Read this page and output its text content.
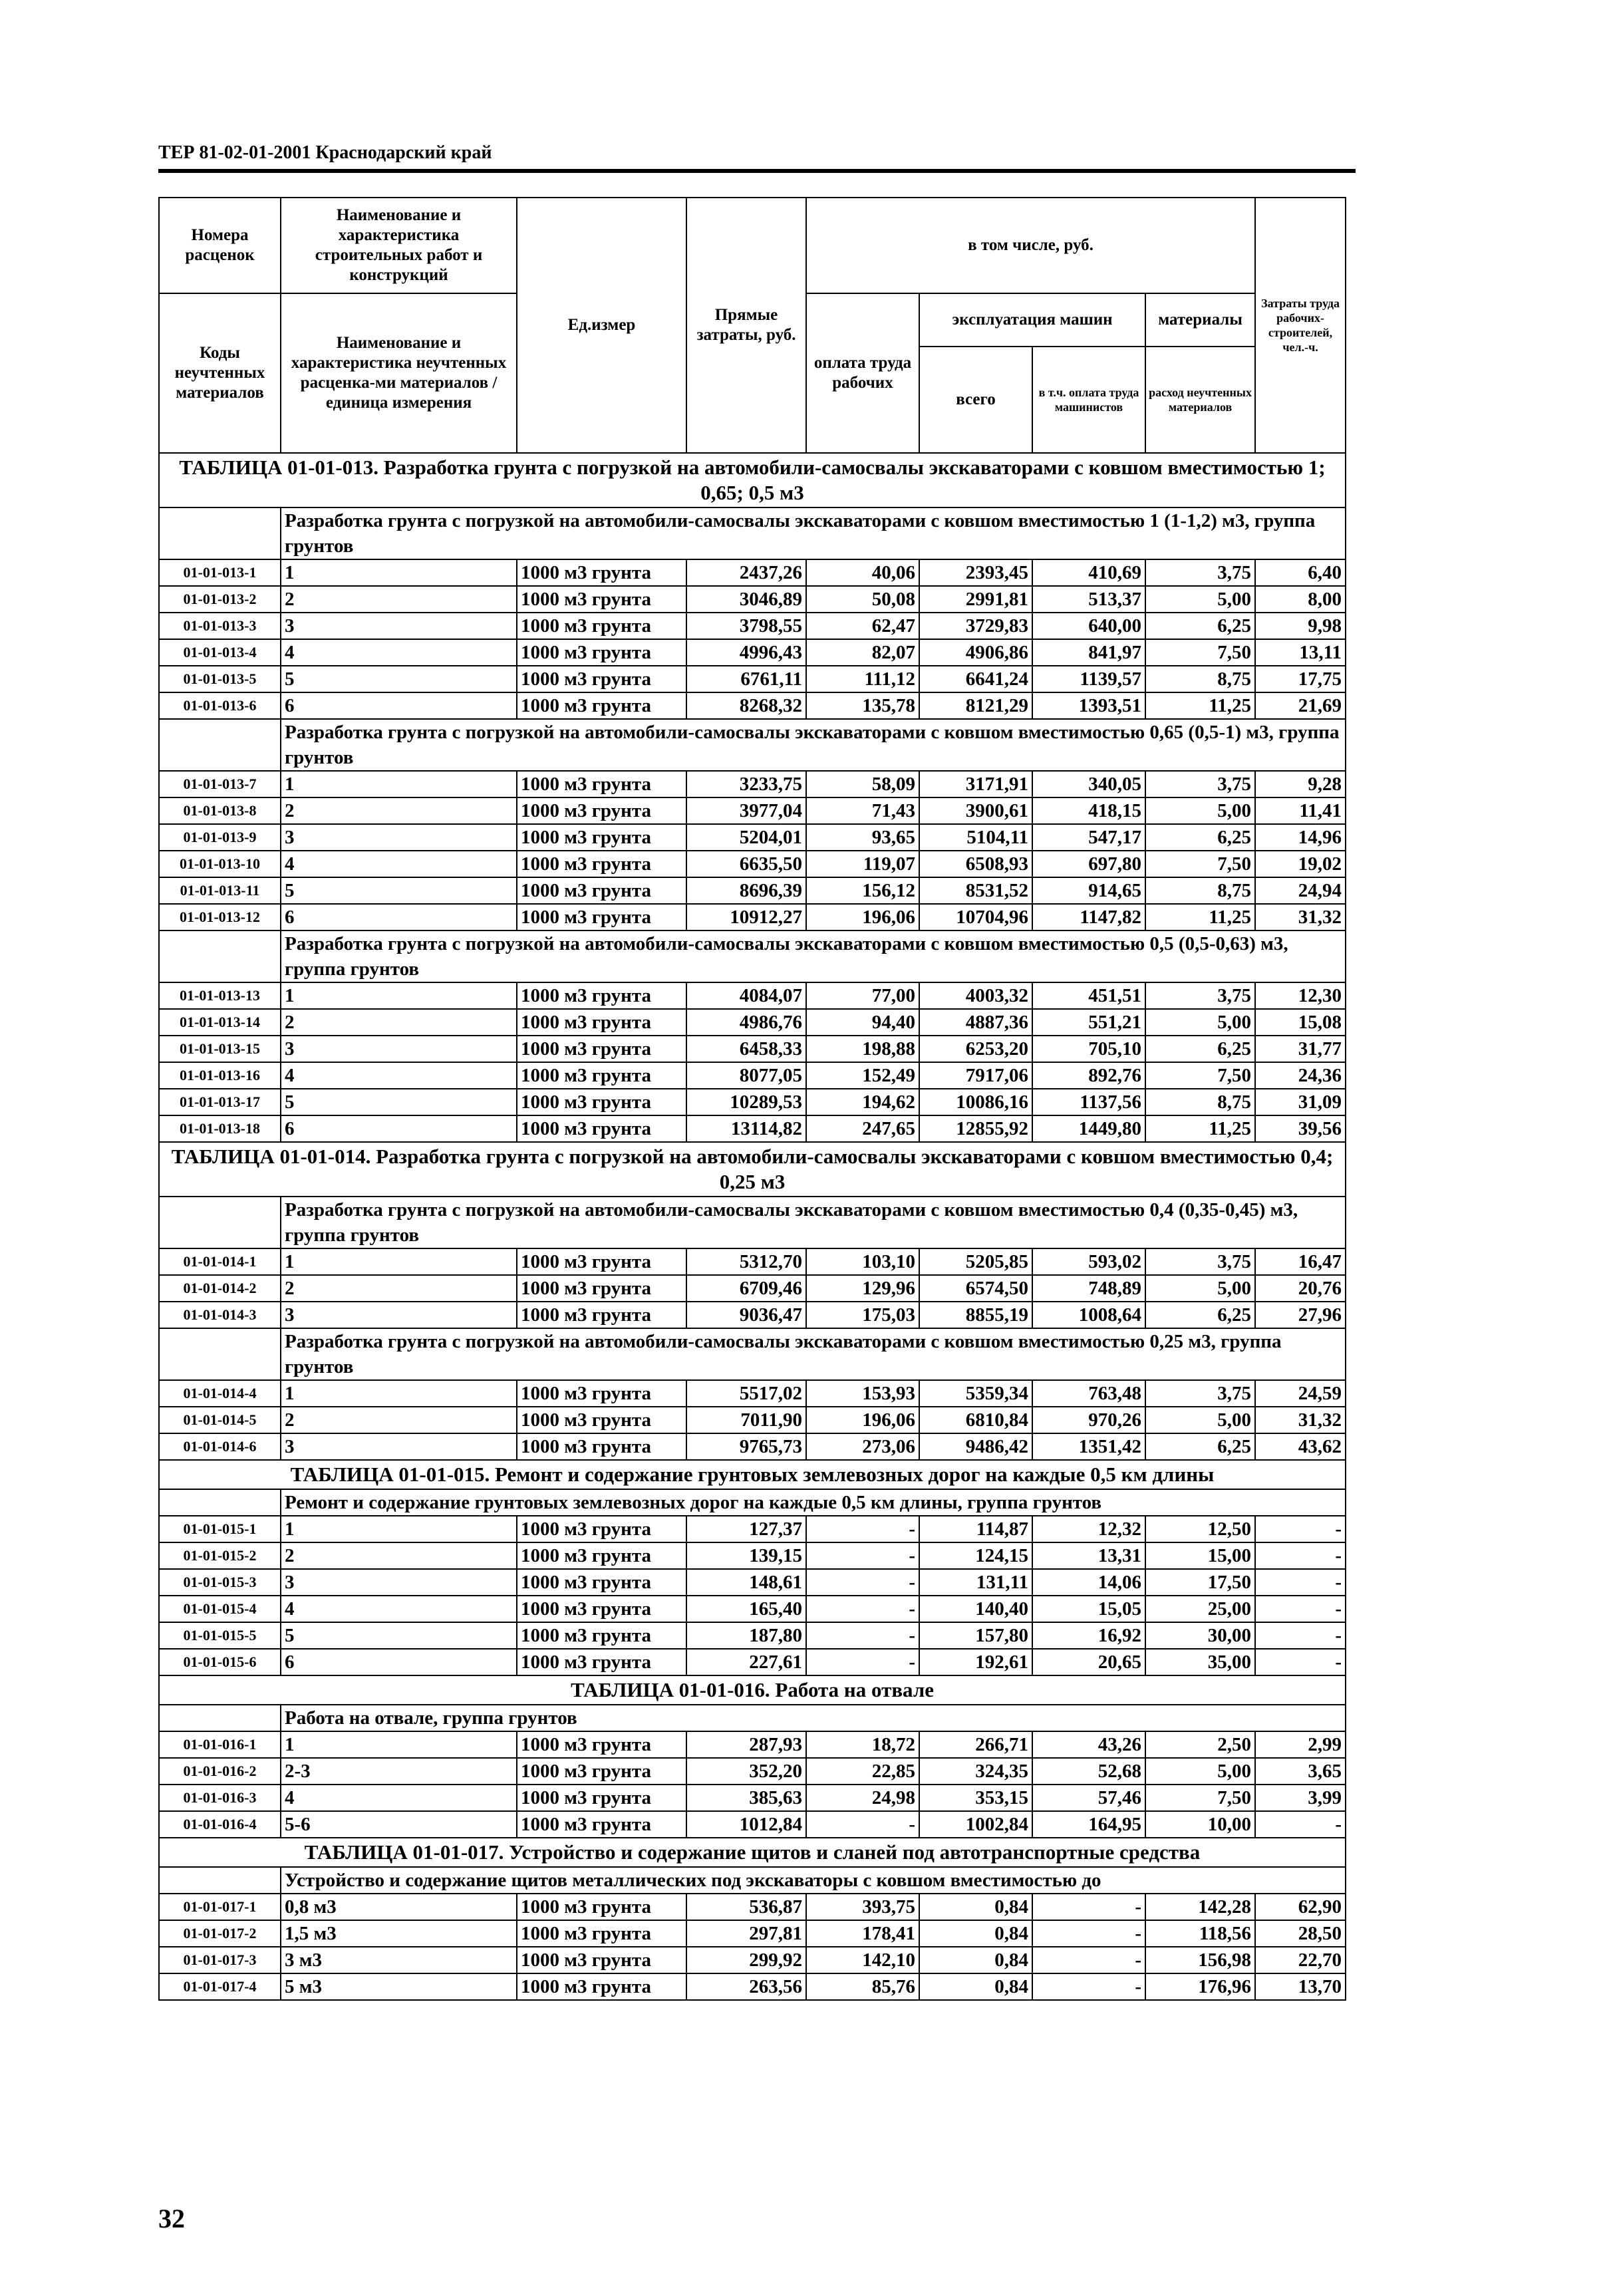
ТЕР 81-02-01-2001 Краснодарский край
Номера расценок	Наименование и характеристика строительных работ и конструкций	Ед.измер	Прямые затраты, руб.	в том числе, руб.				Затраты труда рабочих-строителей, чел.-ч.
Коды неучтенных материалов	Наименование и характеристика неучтенных расценка-ми материалов / единица измерения							
				оплата труда рабочих	эксплуатация машин		материалы	
					всего	в т.ч. оплата труда машинистов	расход неучтенных материалов	
ТАБЛИЦА 01-01-013. Разработка грунта с погрузкой на автомобили-самосвалы экскаваторами с ковшом вместимостью 1; 0,65; 0,5 м3								
	Разработка грунта с погрузкой на автомобили-самосвалы экскаваторами с ковшом вместимостью 1 (1-1,2) м3, группа грунтов							
01-01-013-1	1	1000 м3 грунта	2437,26	40,06	2393,45	410,69	3,75	6,40
01-01-013-2	2	1000 м3 грунта	3046,89	50,08	2991,81	513,37	5,00	8,00
01-01-013-3	3	1000 м3 грунта	3798,55	62,47	3729,83	640,00	6,25	9,98
01-01-013-4	4	1000 м3 грунта	4996,43	82,07	4906,86	841,97	7,50	13,11
01-01-013-5	5	1000 м3 грунта	6761,11	111,12	6641,24	1139,57	8,75	17,75
01-01-013-6	6	1000 м3 грунта	8268,32	135,78	8121,29	1393,51	11,25	21,69
	Разработка грунта с погрузкой на автомобили-самосвалы экскаваторами с ковшом вместимостью 0,65 (0,5-1) м3, группа грунтов							
01-01-013-7	1	1000 м3 грунта	3233,75	58,09	3171,91	340,05	3,75	9,28
01-01-013-8	2	1000 м3 грунта	3977,04	71,43	3900,61	418,15	5,00	11,41
01-01-013-9	3	1000 м3 грунта	5204,01	93,65	5104,11	547,17	6,25	14,96
01-01-013-10	4	1000 м3 грунта	6635,50	119,07	6508,93	697,80	7,50	19,02
01-01-013-11	5	1000 м3 грунта	8696,39	156,12	8531,52	914,65	8,75	24,94
01-01-013-12	6	1000 м3 грунта	10912,27	196,06	10704,96	1147,82	11,25	31,32
	Разработка грунта с погрузкой на автомобили-самосвалы экскаваторами с ковшом вместимостью 0,5 (0,5-0,63) м3, группа грунтов							
01-01-013-13	1	1000 м3 грунта	4084,07	77,00	4003,32	451,51	3,75	12,30
01-01-013-14	2	1000 м3 грунта	4986,76	94,40	4887,36	551,21	5,00	15,08
01-01-013-15	3	1000 м3 грунта	6458,33	198,88	6253,20	705,10	6,25	31,77
01-01-013-16	4	1000 м3 грунта	8077,05	152,49	7917,06	892,76	7,50	24,36
01-01-013-17	5	1000 м3 грунта	10289,53	194,62	10086,16	1137,56	8,75	31,09
01-01-013-18	6	1000 м3 грунта	13114,82	247,65	12855,92	1449,80	11,25	39,56
ТАБЛИЦА 01-01-014. Разработка грунта с погрузкой на автомобили-самосвалы экскаваторами с ковшом вместимостью 0,4; 0,25 м3								
	Разработка грунта с погрузкой на автомобили-самосвалы экскаваторами с ковшом вместимостью 0,4 (0,35-0,45) м3, группа грунтов							
01-01-014-1	1	1000 м3 грунта	5312,70	103,10	5205,85	593,02	3,75	16,47
01-01-014-2	2	1000 м3 грунта	6709,46	129,96	6574,50	748,89	5,00	20,76
01-01-014-3	3	1000 м3 грунта	9036,47	175,03	8855,19	1008,64	6,25	27,96
	Разработка грунта с погрузкой на автомобили-самосвалы экскаваторами с ковшом вместимостью 0,25 м3, группа грунтов							
01-01-014-4	1	1000 м3 грунта	5517,02	153,93	5359,34	763,48	3,75	24,59
01-01-014-5	2	1000 м3 грунта	7011,90	196,06	6810,84	970,26	5,00	31,32
01-01-014-6	3	1000 м3 грунта	9765,73	273,06	9486,42	1351,42	6,25	43,62
ТАБЛИЦА 01-01-015. Ремонт и содержание грунтовых землевозных дорог на каждые 0,5 км длины								
	Ремонт и содержание грунтовых землевозных дорог на каждые 0,5 км длины, группа грунтов							
01-01-015-1	1	1000 м3 грунта	127,37	-	114,87	12,32	12,50	-
01-01-015-2	2	1000 м3 грунта	139,15	-	124,15	13,31	15,00	-
01-01-015-3	3	1000 м3 грунта	148,61	-	131,11	14,06	17,50	-
01-01-015-4	4	1000 м3 грунта	165,40	-	140,40	15,05	25,00	-
01-01-015-5	5	1000 м3 грунта	187,80	-	157,80	16,92	30,00	-
01-01-015-6	6	1000 м3 грунта	227,61	-	192,61	20,65	35,00	-
ТАБЛИЦА 01-01-016. Работа на отвале								
	Работа на отвале, группа грунтов							
01-01-016-1	1	1000 м3 грунта	287,93	18,72	266,71	43,26	2,50	2,99
01-01-016-2	2-3	1000 м3 грунта	352,20	22,85	324,35	52,68	5,00	3,65
01-01-016-3	4	1000 м3 грунта	385,63	24,98	353,15	57,46	7,50	3,99
01-01-016-4	5-6	1000 м3 грунта	1012,84	-	1002,84	164,95	10,00	-
ТАБЛИЦА 01-01-017. Устройство и содержание щитов и сланей под автотранспортные средства								
	Устройство и содержание щитов металлических под экскаваторы с ковшом вместимостью до							
01-01-017-1	0,8 м3	1000 м3 грунта	536,87	393,75	0,84	-	142,28	62,90
01-01-017-2	1,5 м3	1000 м3 грунта	297,81	178,41	0,84	-	118,56	28,50
01-01-017-3	3 м3	1000 м3 грунта	299,92	142,10	0,84	-	156,98	22,70
01-01-017-4	5 м3	1000 м3 грунта	263,56	85,76	0,84	-	176,96	13,70
32
